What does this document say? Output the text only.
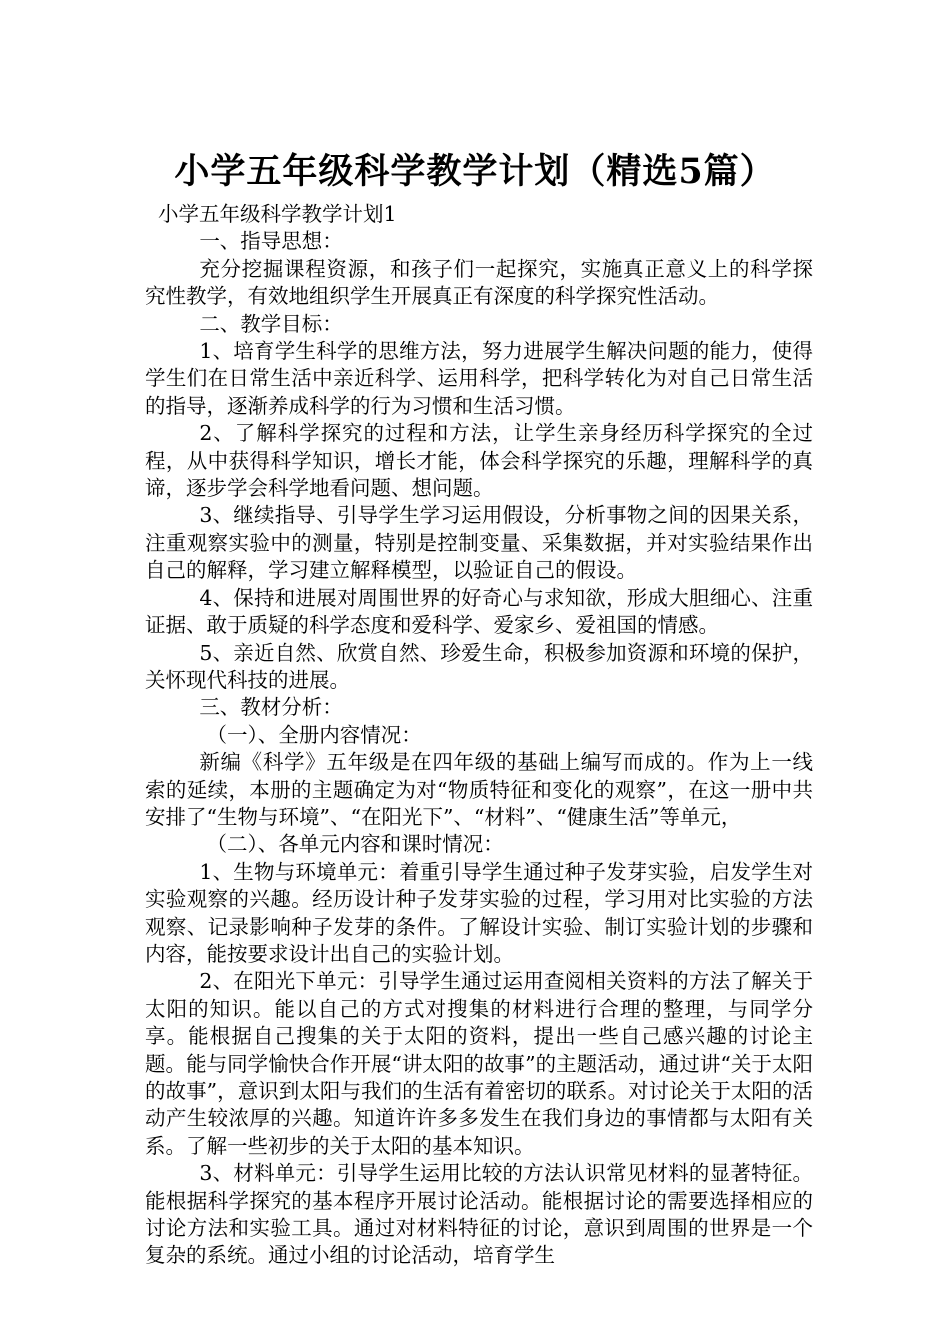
小学五年级科学教学计划（精选5篇）

小学五年级科学教学计划1

一、指导思想：

充分挖掘课程资源，和孩子们一起探究，实施真正意义上的科学探究性教学，有效地组织学生开展真正有深度的科学探究性活动。

二、教学目标：

1、培育学生科学的思维方法，努力进展学生解决问题的能力，使得学生们在日常生活中亲近科学、运用科学，把科学转化为对自己日常生活的指导，逐渐养成科学的行为习惯和生活习惯。

2、了解科学探究的过程和方法，让学生亲身经历科学探究的全过程，从中获得科学知识，增长才能，体会科学探究的乐趣，理解科学的真谛，逐步学会科学地看问题、想问题。

3、继续指导、引导学生学习运用假设，分析事物之间的因果关系，注重观察实验中的测量，特别是控制变量、采集数据，并对实验结果作出自己的解释，学习建立解释模型，以验证自己的假设。

4、保持和进展对周围世界的好奇心与求知欲，形成大胆细心、注重证据、敢于质疑的科学态度和爱科学、爱家乡、爱祖国的情感。

5、亲近自然、欣赏自然、珍爱生命，积极参加资源和环境的保护，关怀现代科技的进展。

三、教材分析：

（一）、全册内容情况：

新编《科学》五年级是在四年级的基础上编写而成的。作为上一线索的延续，本册的主题确定为对“物质特征和变化的观察”，在这一册中共安排了“生物与环境”、“在阳光下”、“材料”、“健康生活”等单元，

（二）、各单元内容和课时情况：

1、生物与环境单元：着重引导学生通过种子发芽实验，启发学生对实验观察的兴趣。经历设计种子发芽实验的过程，学习用对比实验的方法观察、记录影响种子发芽的条件。了解设计实验、制订实验计划的步骤和内容，能按要求设计出自己的实验计划。

2、在阳光下单元：引导学生通过运用查阅相关资料的方法了解关于太阳的知识。能以自己的方式对搜集的材料进行合理的整理，与同学分享。能根据自己搜集的关于太阳的资料，提出一些自己感兴趣的讨论主题。能与同学愉快合作开展“讲太阳的故事”的主题活动，通过讲“关于太阳的故事”，意识到太阳与我们的生活有着密切的联系。对讨论关于太阳的活动产生较浓厚的兴趣。知道许许多多发生在我们身边的事情都与太阳有关系。了解一些初步的关于太阳的基本知识。

3、材料单元：引导学生运用比较的方法认识常见材料的显著特征。能根据科学探究的基本程序开展讨论活动。能根据讨论的需要选择相应的讨论方法和实验工具。通过对材料特征的讨论，意识到周围的世界是一个复杂的系统。通过小组的讨论活动，培育学生
